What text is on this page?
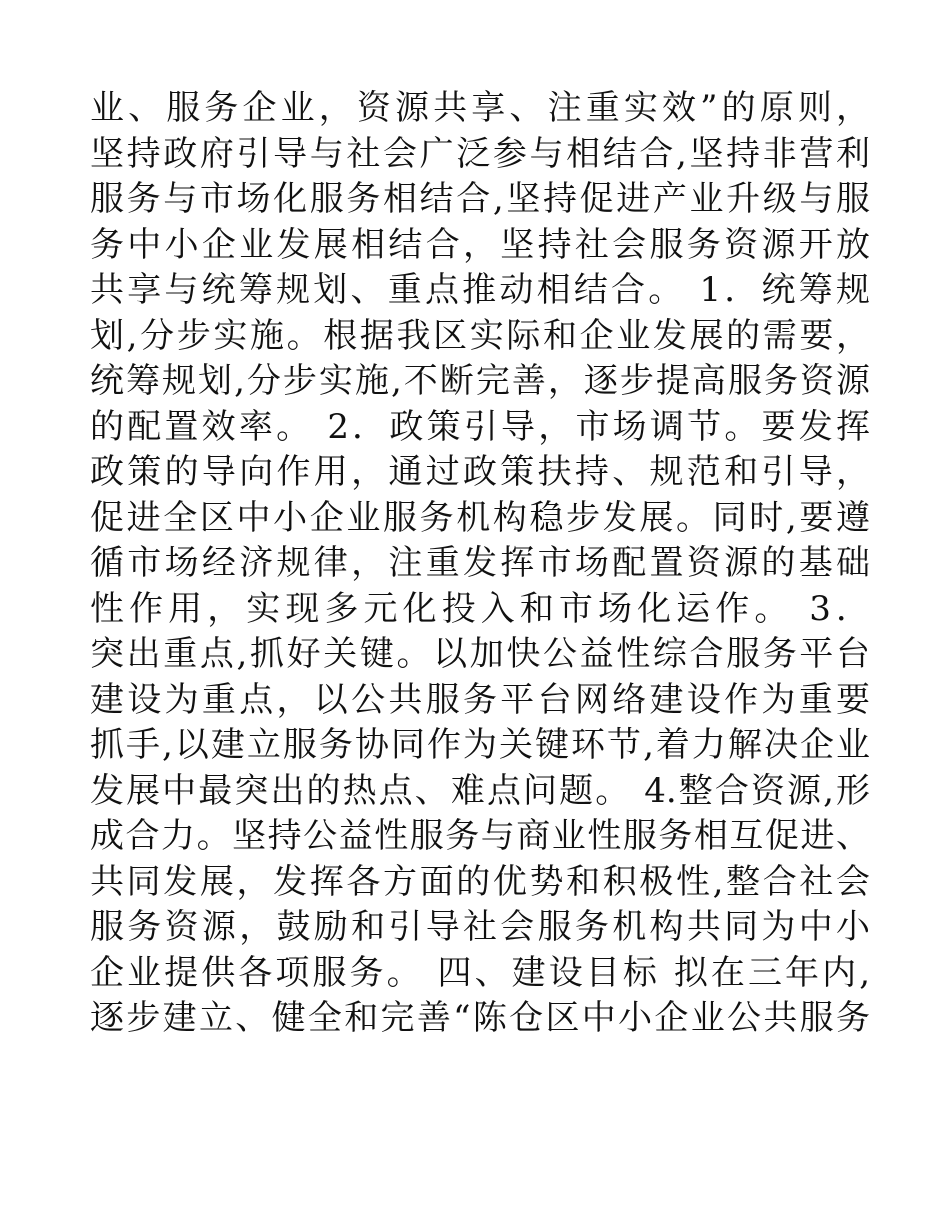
业、服务企业，资源共享、注重实效”的原则，
坚持政府引导与社会广泛参与相结合,坚持非营利
服务与市场化服务相结合,坚持促进产业升级与服
务中小企业发展相结合，坚持社会服务资源开放
共享与统筹规划、重点推动相结合。 1．统筹规
划,分步实施。根据我区实际和企业发展的需要，
统筹规划,分步实施,不断完善，逐步提高服务资源
的配置效率。 2．政策引导，市场调节。要发挥
政策的导向作用，通过政策扶持、规范和引导，
促进全区中小企业服务机构稳步发展。同时,要遵
循市场经济规律，注重发挥市场配置资源的基础
性作用，实现多元化投入和市场化运作。 3．
突出重点,抓好关键。以加快公益性综合服务平台
建设为重点，以公共服务平台网络建设作为重要
抓手,以建立服务协同作为关键环节,着力解决企业
发展中最突出的热点、难点问题。 4.整合资源,形
成合力。坚持公益性服务与商业性服务相互促进、
共同发展，发挥各方面的优势和积极性,整合社会
服务资源，鼓励和引导社会服务机构共同为中小
企业提供各项服务。 四、建设目标 拟在三年内,
逐步建立、健全和完善“陈仓区中小企业公共服务
